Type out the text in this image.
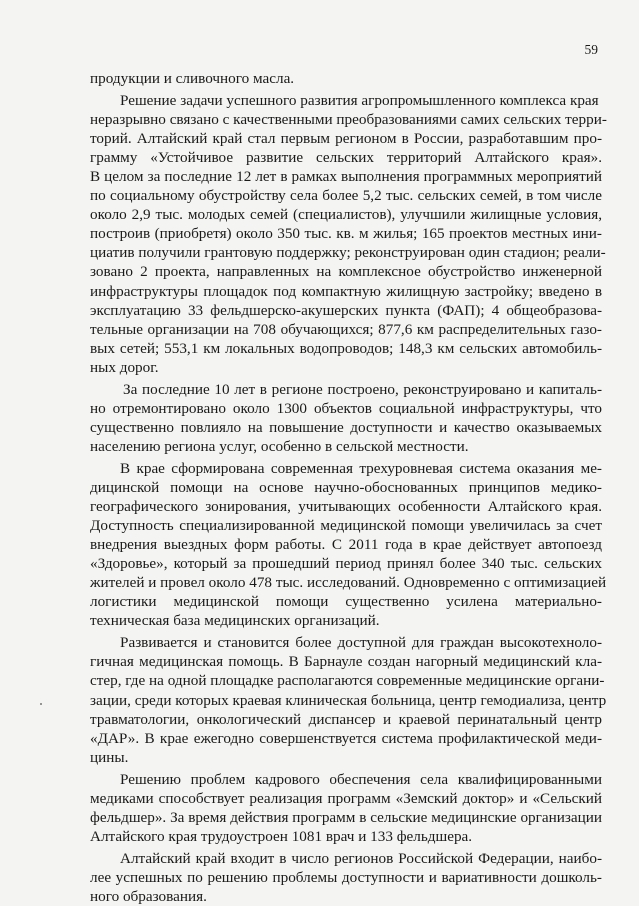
59
продукции и сливочного масла.
Решение задачи успешного развития агропромышленного комплекса края
неразрывно связано с качественными преобразованиями самих сельских терри-
торий. Алтайский край стал первым регионом в России, разработавшим про-
грамму «Устойчивое развитие сельских территорий Алтайского края».
В целом за последние 12 лет в рамках выполнения программных мероприятий
по социальному обустройству села более 5,2 тыс. сельских семей, в том числе
около 2,9 тыс. молодых семей (специалистов), улучшили жилищные условия,
построив (приобретя) около 350 тыс. кв. м жилья; 165 проектов местных ини-
циатив получили грантовую поддержку; реконструирован один стадион; реали-
зовано 2 проекта, направленных на комплексное обустройство инженерной
инфраструктуры площадок под компактную жилищную застройку; введено в
эксплуатацию 33 фельдшерско-акушерских пункта (ФАП); 4 общеобразова-
тельные организации на 708 обучающихся; 877,6 км распределительных газо-
вых сетей; 553,1 км локальных водопроводов; 148,3 км сельских автомобиль-
ных дорог.
За последние 10 лет в регионе построено, реконструировано и капиталь-
но отремонтировано около 1300 объектов социальной инфраструктуры, что
существенно повлияло на повышение доступности и качество оказываемых
населению региона услуг, особенно в сельской местности.
В крае сформирована современная трехуровневая система оказания ме-
дицинской помощи на основе научно-обоснованных принципов медико-
географического зонирования, учитывающих особенности Алтайского края.
Доступность специализированной медицинской помощи увеличилась за счет
внедрения выездных форм работы. С 2011 года в крае действует автопоезд
«Здоровье», который за прошедший период принял более 340 тыс. сельских
жителей и провел около 478 тыс. исследований. Одновременно с оптимизацией
логистики медицинской помощи существенно усилена материально-
техническая база медицинских организаций.
Развивается и становится более доступной для граждан высокотехноло-
гичная медицинская помощь. В Барнауле создан нагорный медицинский кла-
стер, где на одной площадке располагаются современные медицинские органи-
зации, среди которых краевая клиническая больница, центр гемодиализа, центр
травматологии, онкологический диспансер и краевой перинатальный центр
«ДАР». В крае ежегодно совершенствуется система профилактической меди-
цины.
Решению проблем кадрового обеспечения села квалифицированными
медиками способствует реализация программ «Земский доктор» и «Сельский
фельдшер». За время действия программ в сельские медицинские организации
Алтайского края трудоустроен 1081 врач и 133 фельдшера.
Алтайский край входит в число регионов Российской Федерации, наибо-
лее успешных по решению проблемы доступности и вариативности дошколь-
ного образования.
